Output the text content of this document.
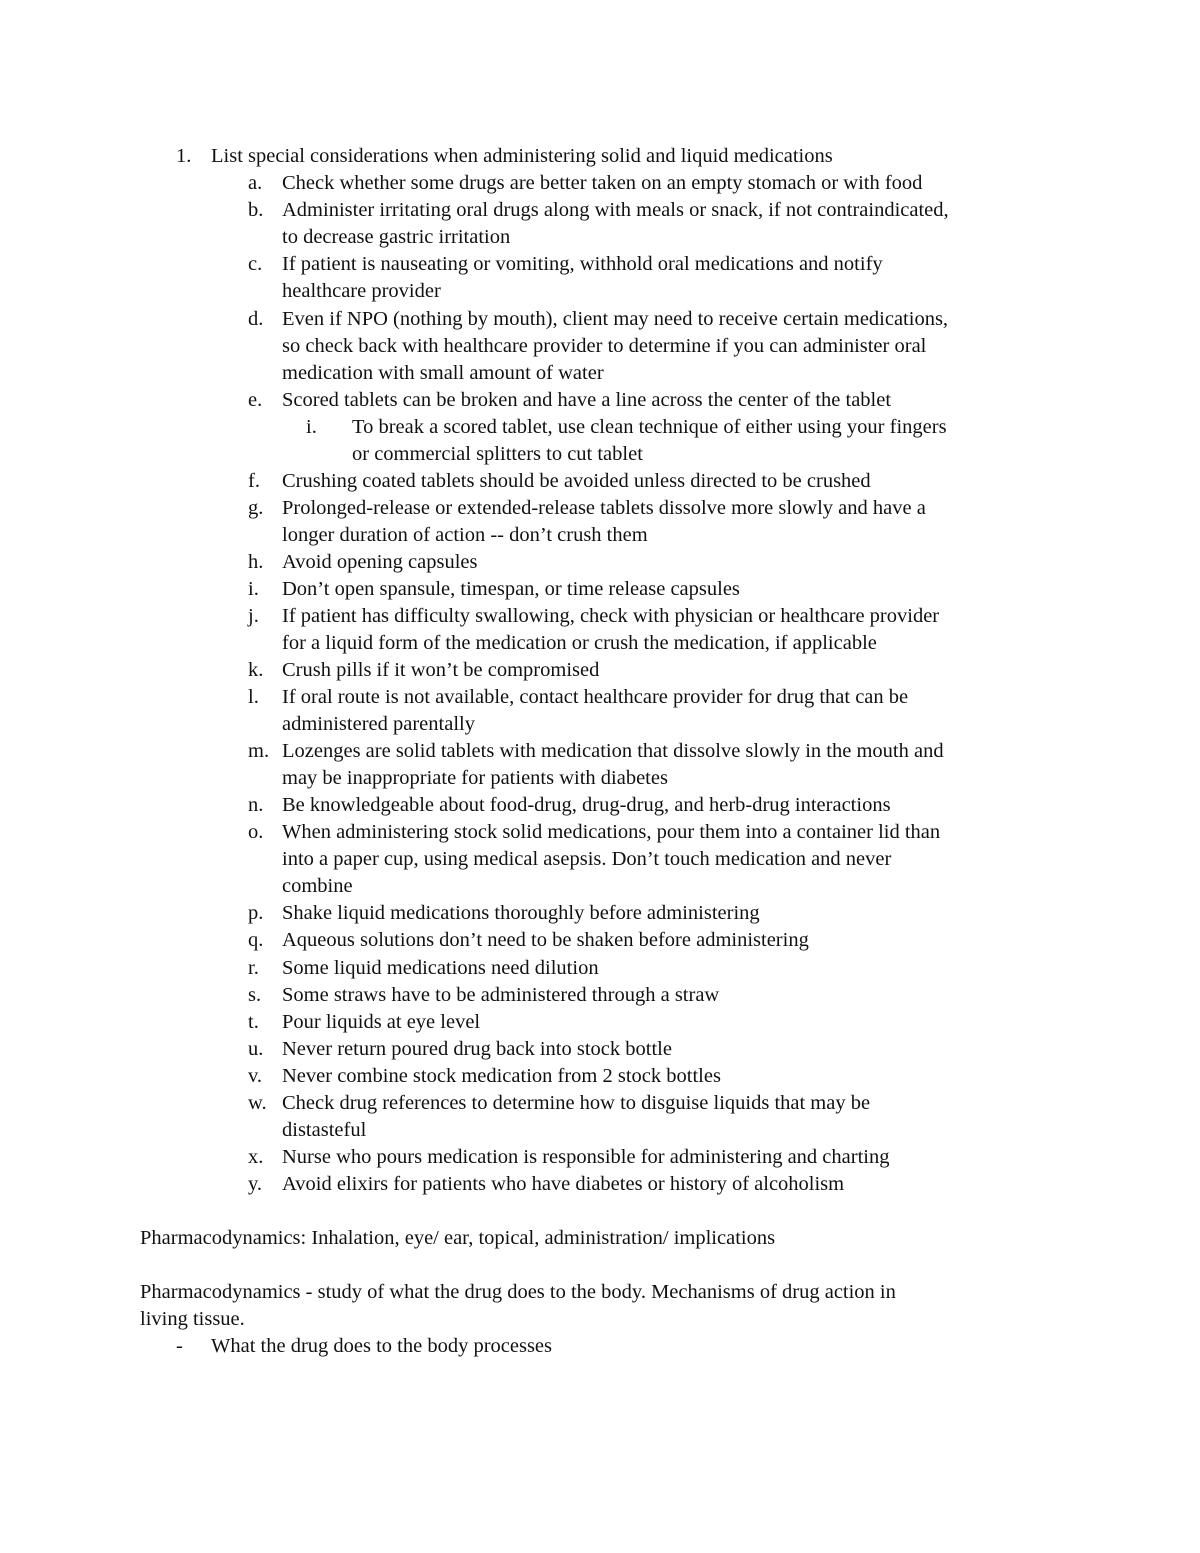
1. List special considerations when administering solid and liquid medications
a. Check whether some drugs are better taken on an empty stomach or with food
b. Administer irritating oral drugs along with meals or snack, if not contraindicated,
to decrease gastric irritation
c. If patient is nauseating or vomiting, withhold oral medications and notify
healthcare provider
d. Even if NPO (nothing by mouth), client may need to receive certain medications,
so check back with healthcare provider to determine if you can administer oral
medication with small amount of water
e. Scored tablets can be broken and have a line across the center of the tablet
i. To break a scored tablet, use clean technique of either using your fingers
or commercial splitters to cut tablet
f. Crushing coated tablets should be avoided unless directed to be crushed
g. Prolonged-release or extended-release tablets dissolve more slowly and have a
longer duration of action -- don’t crush them
h. Avoid opening capsules
i. Don’t open spansule, timespan, or time release capsules
j. If patient has difficulty swallowing, check with physician or healthcare provider
for a liquid form of the medication or crush the medication, if applicable
k. Crush pills if it won’t be compromised
l. If oral route is not available, contact healthcare provider for drug that can be
administered parentally
m. Lozenges are solid tablets with medication that dissolve slowly in the mouth and
may be inappropriate for patients with diabetes
n. Be knowledgeable about food-drug, drug-drug, and herb-drug interactions
o. When administering stock solid medications, pour them into a container lid than
into a paper cup, using medical asepsis. Don’t touch medication and never
combine
p. Shake liquid medications thoroughly before administering
q. Aqueous solutions don’t need to be shaken before administering
r. Some liquid medications need dilution
s. Some straws have to be administered through a straw
t. Pour liquids at eye level
u. Never return poured drug back into stock bottle
v. Never combine stock medication from 2 stock bottles
w. Check drug references to determine how to disguise liquids that may be
distasteful
x. Nurse who pours medication is responsible for administering and charting
y. Avoid elixirs for patients who have diabetes or history of alcoholism
Pharmacodynamics: Inhalation, eye/ ear, topical, administration/ implications
Pharmacodynamics - study of what the drug does to the body. Mechanisms of drug action in
living tissue.
- What the drug does to the body processes
